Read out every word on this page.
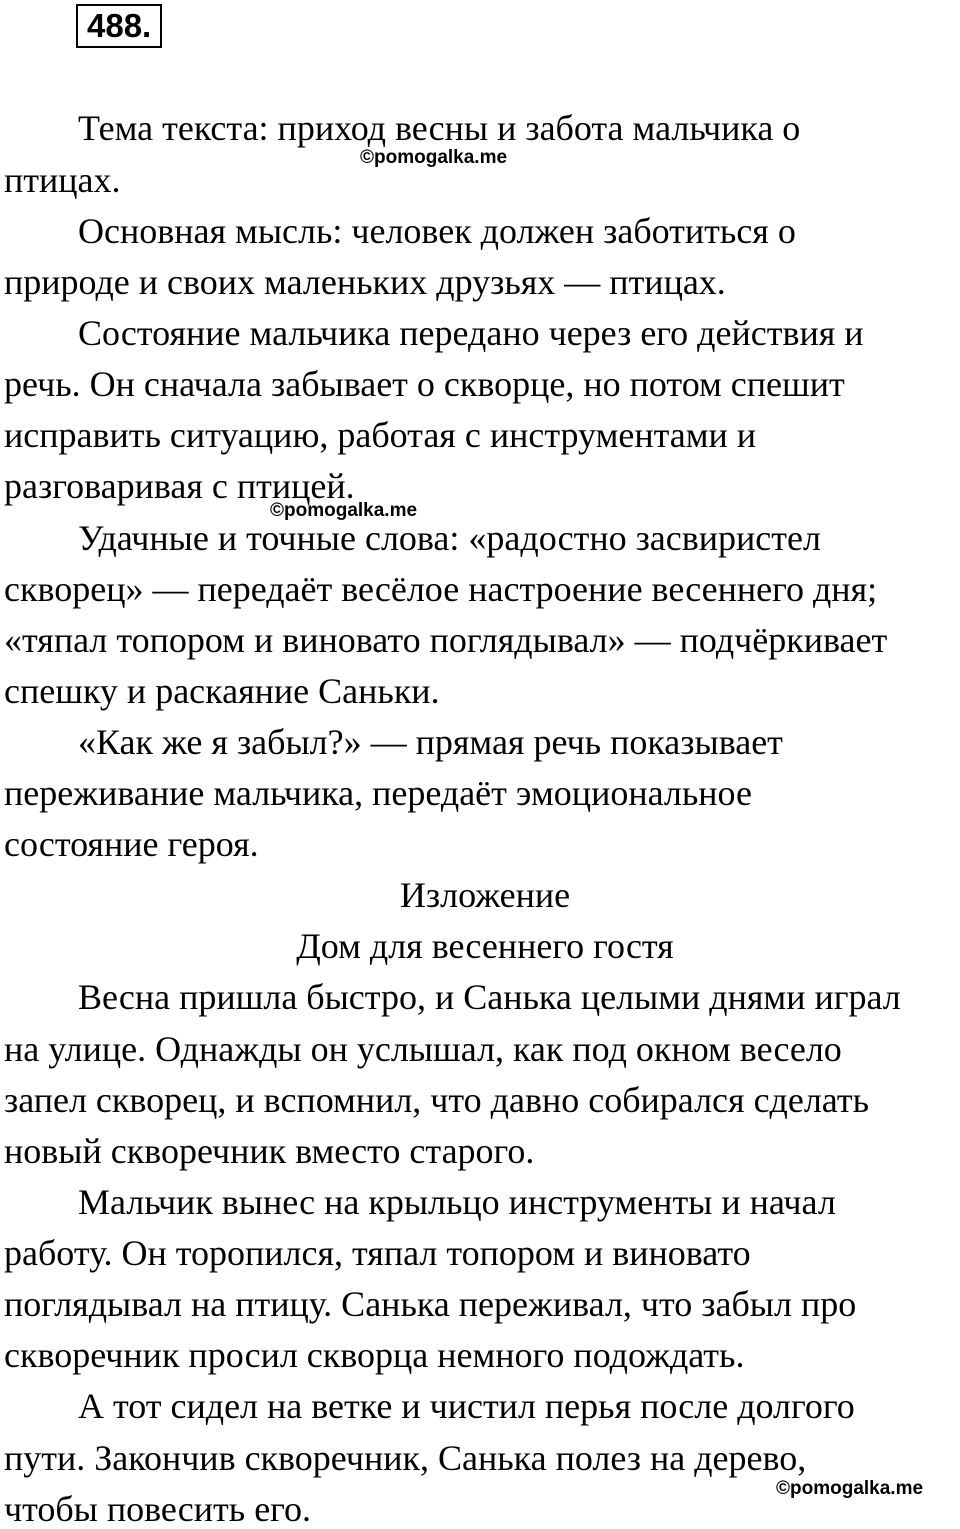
488.
Тема текста: приход весны и забота мальчика о
птицах.
Основная мысль: человек должен заботиться о
природе и своих маленьких друзьях — птицах.
Состояние мальчика передано через его действия и
речь. Он сначала забывает о скворце, но потом спешит
исправить ситуацию, работая с инструментами и
разговаривая с птицей.
Удачные и точные слова: «радостно засвиристел
скворец» — передаёт весёлое настроение весеннего дня;
«тяпал топором и виновато поглядывал» — подчёркивает
спешку и раскаяние Саньки.
«Как же я забыл?» — прямая речь показывает
переживание мальчика, передаёт эмоциональное
состояние героя.
Изложение
Дом для весеннего гостя
Весна пришла быстро, и Санька целыми днями играл
на улице. Однажды он услышал, как под окном весело
запел скворец, и вспомнил, что давно собирался сделать
новый скворечник вместо старого.
Мальчик вынес на крыльцо инструменты и начал
работу. Он торопился, тяпал топором и виновато
поглядывал на птицу. Санька переживал, что забыл про
скворечник просил скворца немного подождать.
А тот сидел на ветке и чистил перья после долгого
пути. Закончив скворечник, Санька полез на дерево,
чтобы повесить его.
©pomogalka.me
©pomogalka.me
©pomogalka.me
